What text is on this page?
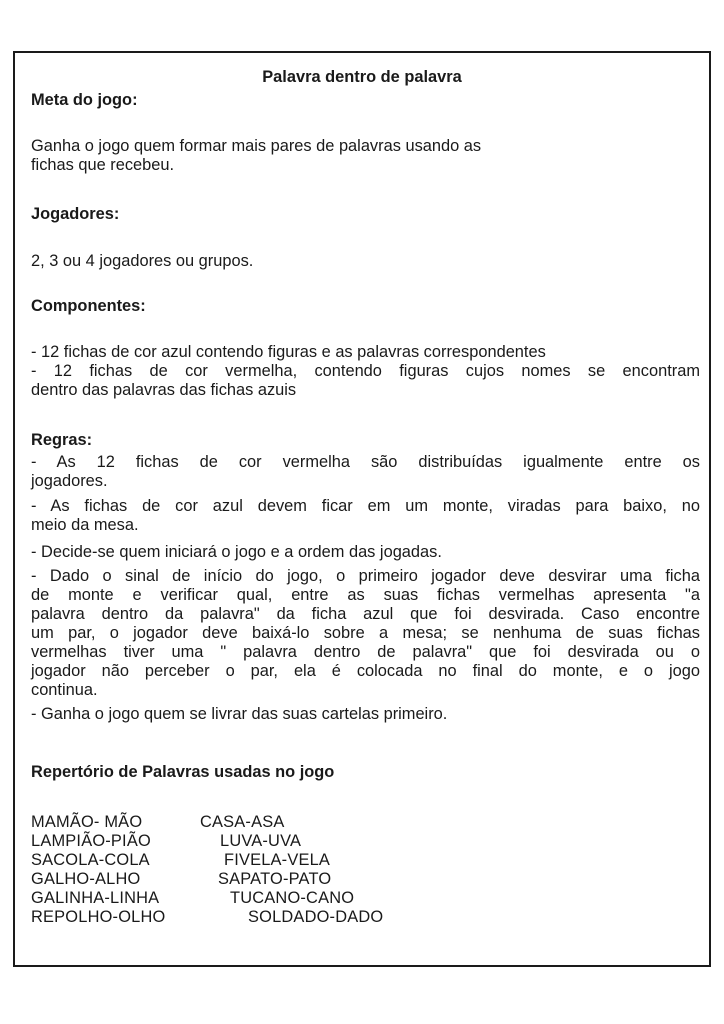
Palavra dentro de palavra
Meta do jogo:
Ganha o jogo quem formar mais pares de palavras usando as
fichas que recebeu.
Jogadores:
2, 3 ou 4 jogadores ou grupos.
Componentes:
- 12 fichas de cor azul contendo figuras e as palavras correspondentes
- 12 fichas de cor vermelha, contendo figuras cujos nomes se encontram
dentro das palavras das fichas azuis
Regras:
- As 12 fichas de cor vermelha são distribuídas igualmente entre os
jogadores.
- As fichas de cor azul devem ficar em um monte, viradas para baixo, no
meio da mesa.
- Decide-se quem iniciará o jogo e a ordem das jogadas.
- Dado o sinal de início do jogo, o primeiro jogador deve desvirar uma ficha
de monte e verificar qual, entre as suas fichas vermelhas apresenta "a
palavra dentro da palavra" da ficha azul que foi desvirada. Caso encontre
um par, o jogador deve baixá-lo sobre a mesa; se nenhuma de suas fichas
vermelhas tiver uma " palavra dentro de palavra" que foi desvirada ou o
jogador não perceber o par, ela é colocada no final do monte, e o jogo
continua.
- Ganha o jogo quem se livrar das suas cartelas primeiro.
Repertório de Palavras usadas no jogo
MAMÃO- MÃO
LAMPIÃO-PIÃO
SACOLA-COLA
GALHO-ALHO
GALINHA-LINHA
REPOLHO-OLHO
CASA-ASA
LUVA-UVA
FIVELA-VELA
SAPATO-PATO
TUCANO-CANO
SOLDADO-DADO
